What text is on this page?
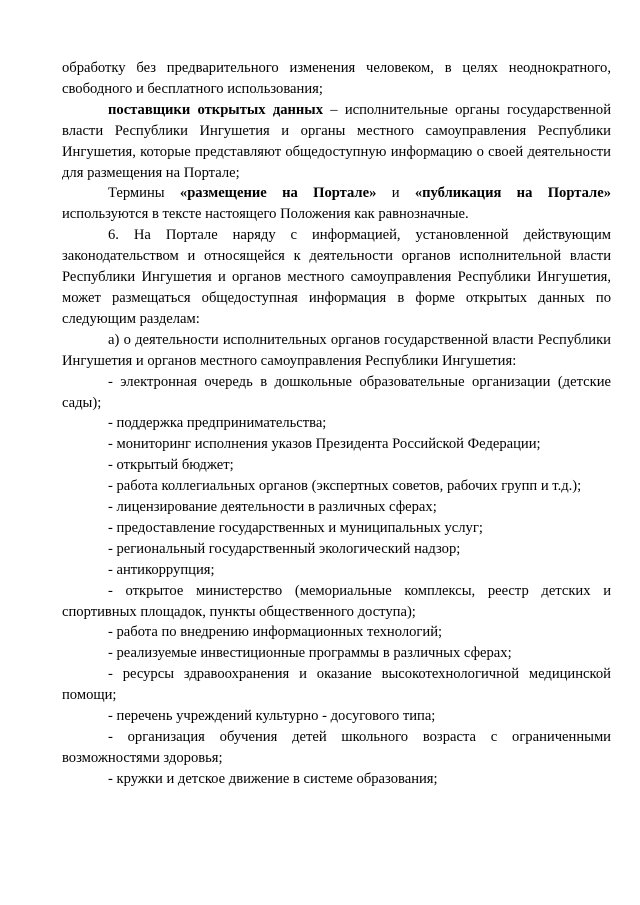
обработку без предварительного изменения человеком, в целях неоднократного, свободного и бесплатного использования;

поставщики открытых данных – исполнительные органы государственной власти Республики Ингушетия и органы местного самоуправления Республики Ингушетия, которые представляют общедоступную информацию о своей деятельности для размещения на Портале;

Термины «размещение на Портале» и «публикация на Портале» используются в тексте настоящего Положения как равнозначные.

6. На Портале наряду с информацией, установленной действующим законодательством и относящейся к деятельности органов исполнительной власти Республики Ингушетия и органов местного самоуправления Республики Ингушетия, может размещаться общедоступная информация в форме открытых данных по следующим разделам:

а) о деятельности исполнительных органов государственной власти Республики Ингушетия и органов местного самоуправления Республики Ингушетия:

- электронная очередь в дошкольные образовательные организации (детские сады);

- поддержка предпринимательства;

- мониторинг исполнения указов Президента Российской Федерации;

- открытый бюджет;

- работа коллегиальных органов (экспертных советов, рабочих групп и т.д.);

- лицензирование деятельности в различных сферах;

- предоставление государственных и муниципальных услуг;

- региональный государственный экологический надзор;

- антикоррупция;

- открытое министерство (мемориальные комплексы, реестр детских и спортивных площадок, пункты общественного доступа);

- работа по внедрению информационных технологий;

- реализуемые инвестиционные программы в различных сферах;

- ресурсы здравоохранения и оказание высокотехнологичной медицинской помощи;

- перечень учреждений культурно - досугового типа;

- организация обучения детей школьного возраста с ограниченными возможностями здоровья;

- кружки и детское движение в системе образования;
